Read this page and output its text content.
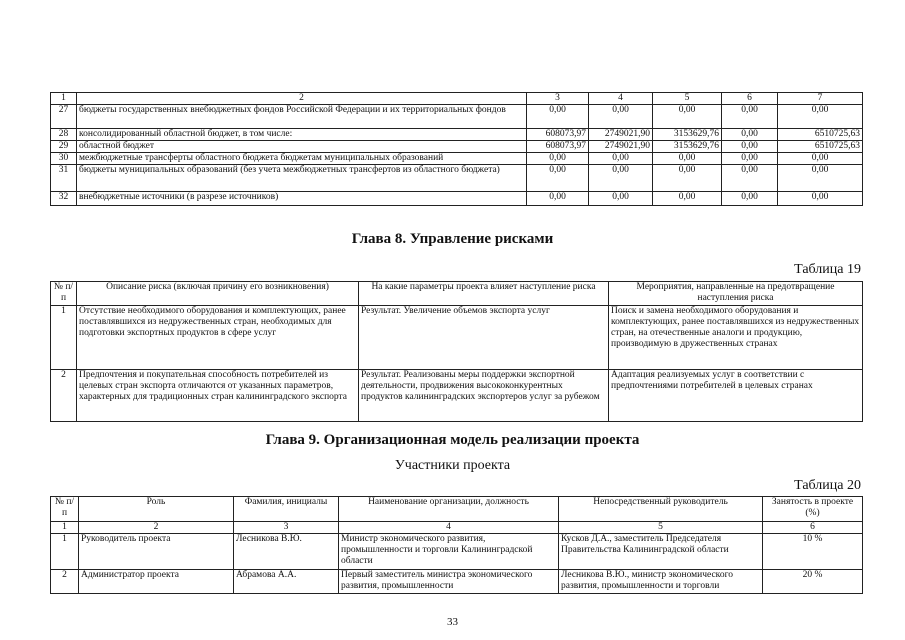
1	2	3	4	5	6	7
27	бюджеты государственных внебюджетных фондов Российской Федерации и их территориальных фондов	0,00	0,00	0,00	0,00	0,00
28	консолидированный областной бюджет, в том числе:	608073,97	2749021,90	3153629,76	0,00	6510725,63
29	областной бюджет	608073,97	2749021,90	3153629,76	0,00	6510725,63
30	межбюджетные трансферты областного бюджета бюджетам муниципальных образований	0,00	0,00	0,00	0,00	0,00
31	бюджеты муниципальных образований (без учета межбюджетных трансфертов из областного бюджета)	0,00	0,00	0,00	0,00	0,00
32	внебюджетные источники (в разрезе источников)	0,00	0,00	0,00	0,00	0,00
Глава 8. Управление рисками
Таблица 19
№ п/п	Описание риска (включая причину его возникновения)	На какие параметры проекта влияет наступление риска	Мероприятия, направленные на предотвращение наступления риска
1	Отсутствие необходимого оборудования и комплектующих, ранее поставлявшихся из недружественных стран, необходимых для подготовки экспортных продуктов в сфере услуг	Результат. Увеличение объемов экспорта услуг	Поиск и замена необходимого оборудования и комплектующих, ранее поставлявшихся из недружественных стран, на отечественные аналоги и продукцию, производимую в дружественных странах
2	Предпочтения и покупательная способность потребителей из целевых стран экспорта отличаются от указанных параметров, характерных для традиционных стран калининградского экспорта	Результат. Реализованы меры поддержки экспортной деятельности, продвижения высококонкурентных продуктов калининградских экспортеров услуг за рубежом	Адаптация реализуемых услуг в соответствии с предпочтениями потребителей в целевых странах
Глава 9. Организационная модель реализации проекта
Участники проекта
Таблица 20
№ п/п	Роль	Фамилия, инициалы	Наименование организации, должность	Непосредственный руководитель	Занятость в проекте (%)
1	2	3	4	5	6
1	Руководитель проекта	Лесникова В.Ю.	Министр экономического развития, промышленности и торговли Калининградской области	Кусков Д.А., заместитель Председателя Правительства Калининградской области	10 %
2	Администратор проекта	Абрамова А.А.	Первый заместитель министра экономического развития, промышленности	Лесникова В.Ю., министр экономического развития, промышленности и торговли	20 %
33
